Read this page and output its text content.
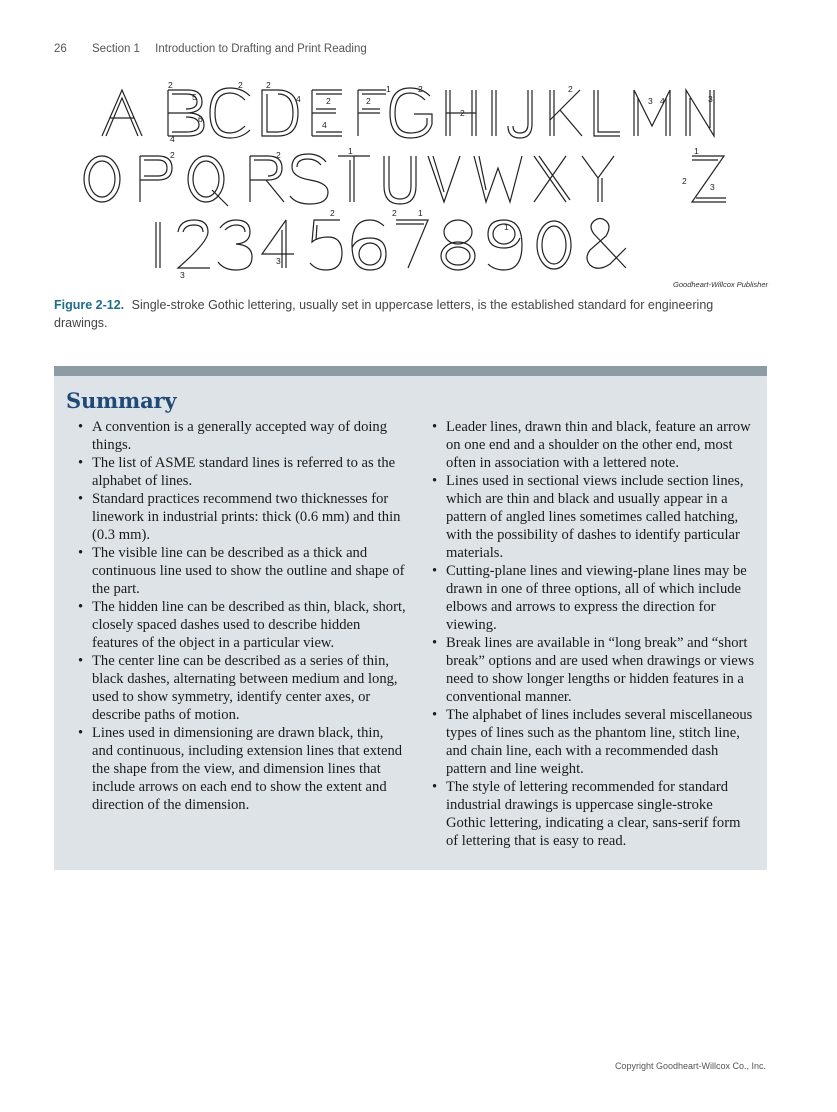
26 Section 1 Introduction to Drafting and Print Reading
2
5
6
4
2	2
4	2
4
2
1	2
2
2
3 4	3
2	2	1	1
3
2
2	2	1
1
3
3
Goodheart-Willcox Publisher
Figure 2-12. Single-stroke Gothic lettering, usually set in uppercase letters, is the established standard for engineering drawings.
Summary
• A convention is a generally accepted way of doing things.
• The list of ASME standard lines is referred to as the alphabet of lines.
• Standard practices recommend two thicknesses for linework in industrial prints: thick (0.6 mm) and thin (0.3 mm).
• The visible line can be described as a thick and continuous line used to show the outline and shape of the part.
• The hidden line can be described as thin, black, short, closely spaced dashes used to describe hidden features of the object in a particular view.
• The center line can be described as a series of thin, black dashes, alternating between medium and long, used to show symmetry, identify center axes, or describe paths of motion.
• Lines used in dimensioning are drawn black, thin, and continuous, including extension lines that extend the shape from the view, and dimension lines that include arrows on each end to show the extent and direction of the dimension.
• Leader lines, drawn thin and black, feature an arrow on one end and a shoulder on the other end, most often in association with a lettered note.
• Lines used in sectional views include section lines, which are thin and black and usually appear in a pattern of angled lines sometimes called hatching, with the possibility of dashes to identify particular materials.
• Cutting-plane lines and viewing-plane lines may be drawn in one of three options, all of which include elbows and arrows to express the direction for viewing.
• Break lines are available in “long break” and “short break” options and are used when drawings or views need to show longer lengths or hidden features in a conventional manner.
• The alphabet of lines includes several miscellaneous types of lines such as the phantom line, stitch line, and chain line, each with a recommended dash pattern and line weight.
• The style of lettering recommended for standard industrial drawings is uppercase single-stroke Gothic lettering, indicating a clear, sans-serif form of lettering that is easy to read.
Copyright Goodheart-Willcox Co., Inc.
